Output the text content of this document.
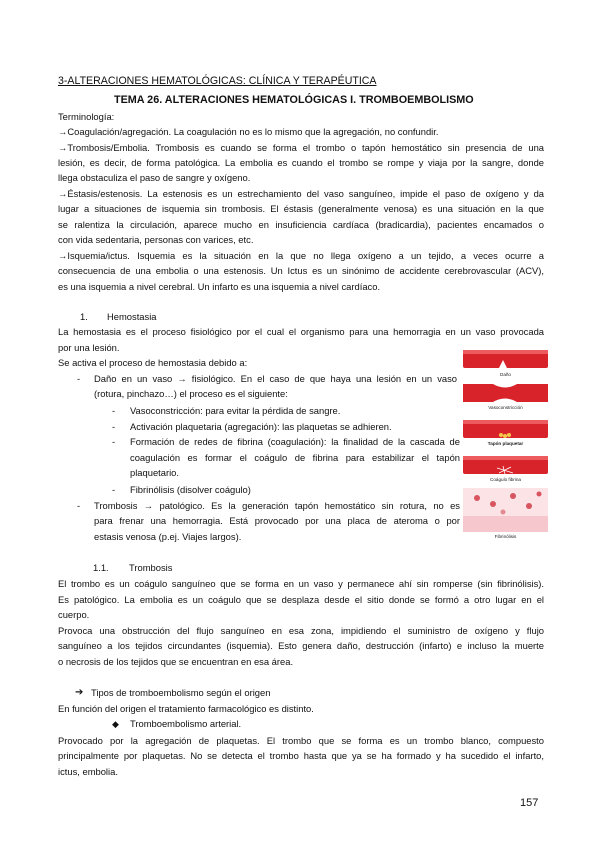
3-ALTERACIONES HEMATOLÓGICAS: CLÍNICA Y TERAPÉUTICA
TEMA 26. ALTERACIONES HEMATOLÓGICAS I. TROMBOEMBOLISMO
Terminología:
→Coagulación/agregación. La coagulación no es lo mismo que la agregación, no confundir.
→Trombosis/Embolia. Trombosis es cuando se forma el trombo o tapón hemostático sin presencia de una
lesión, es decir, de forma patológica. La embolia es cuando el trombo se rompe y viaja por la sangre, donde
llega obstaculiza el paso de sangre y oxígeno.
→Éstasis/estenosis. La estenosis es un estrechamiento del vaso sanguíneo, impide el paso de oxígeno y da
lugar a situaciones de isquemia sin trombosis. El éstasis (generalmente venosa) es una situación en la que
se ralentiza la circulación, aparece mucho en insuficiencia cardíaca (bradicardia), pacientes encamados o
con vida sedentaria, personas con varices, etc.
→Isquemia/ictus. Isquemia es la situación en la que no llega oxígeno a un tejido, a veces ocurre a
consecuencia de una embolia o una estenosis. Un Ictus es un sinónimo de accidente cerebrovascular (ACV),
es una isquemia a nivel cerebral. Un infarto es una isquemia a nivel cardíaco.
1. Hemostasia
La hemostasia es el proceso fisiológico por el cual el organismo para una hemorragia en un vaso provocada
por una lesión.
Se activa el proceso de hemostasia debido a:
- Daño en un vaso → fisiológico. En el caso de que haya una lesión en un vaso
(rotura, pinchazo…) el proceso es el siguiente:
- Vasoconstricción: para evitar la pérdida de sangre.
- Activación plaquetaria (agregación): las plaquetas se adhieren.
- Formación de redes de fibrina (coagulación): la finalidad de la cascada de
coagulación es formar el coágulo de fibrina para estabilizar el tapón
plaquetario.
- Fibrinólisis (disolver coágulo)
- Trombosis → patológico. Es la generación tapón hemostático sin rotura, no es
para frenar una hemorragia. Está provocado por una placa de ateroma o por
estasis venosa (p.ej. Viajes largos).
Daño
Vasoconstricción
Tapón plaquetar
Coágulo fibrina
Fibrinólisis
1.1. Trombosis
El trombo es un coágulo sanguíneo que se forma en un vaso y permanece ahí sin romperse (sin fibrinólisis).
Es patológico. La embolia es un coágulo que se desplaza desde el sitio donde se formó a otro lugar en el
cuerpo.
Provoca una obstrucción del flujo sanguíneo en esa zona, impidiendo el suministro de oxígeno y flujo
sanguíneo a los tejidos circundantes (isquemia). Esto genera daño, destrucción (infarto) e incluso la muerte
o necrosis de los tejidos que se encuentran en esa área.
➔ Tipos de tromboembolismo según el origen
En función del origen el tratamiento farmacológico es distinto.
◆ Tromboembolismo arterial.
Provocado por la agregación de plaquetas. El trombo que se forma es un trombo blanco, compuesto
principalmente por plaquetas. No se detecta el trombo hasta que ya se ha formado y ha sucedido el infarto,
ictus, embolia.
157
